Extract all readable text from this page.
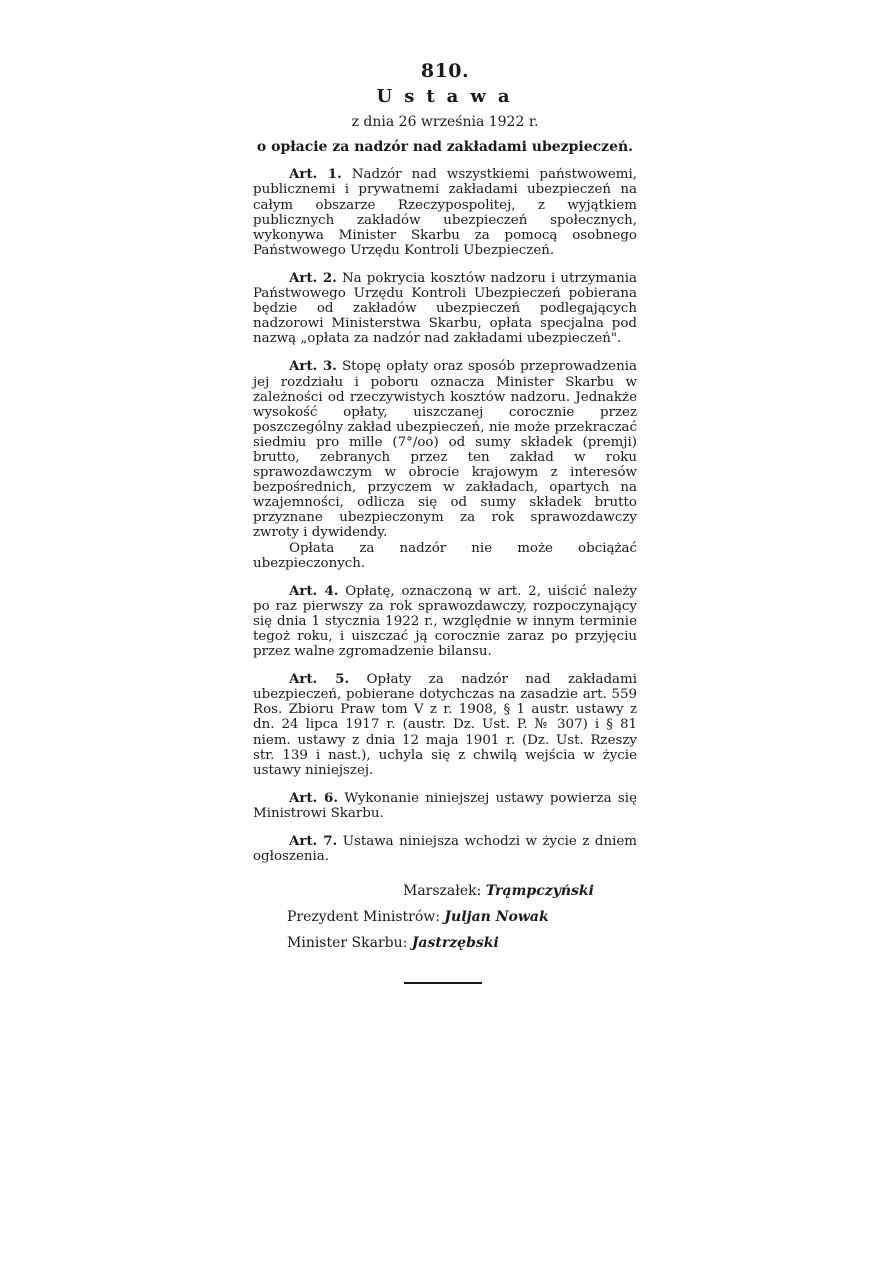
810.
Ustawa
z dnia 26 września 1922 r.
o opłacie za nadzór nad zakładami ubezpieczeń.

Art. 1. Nadzór nad wszystkiemi państwowemi, publicznemi i prywatnemi zakładami ubezpieczeń na całym obszarze Rzeczypospolitej, z wyjątkiem publicznych zakładów ubezpieczeń społecznych, wykonywa Minister Skarbu za pomocą osobnego Państwowego Urzędu Kontroli Ubezpieczeń.

Art. 2. Na pokrycia kosztów nadzoru i utrzymania Państwowego Urzędu Kontroli Ubezpieczeń pobierana będzie od zakładów ubezpieczeń podlegających nadzorowi Ministerstwa Skarbu, opłata specjalna pod nazwą „opłata za nadzór nad zakładami ubezpieczeń".

Art. 3. Stopę opłaty oraz sposób przeprowadzenia jej rozdziału i poboru oznacza Minister Skarbu w zależności od rzeczywistych kosztów nadzoru. Jednakże wysokość opłaty, uiszczanej corocznie przez poszczególny zakład ubezpieczeń, nie może przekraczać siedmiu pro mille (7°/oo) od sumy składek (premji) brutto, zebranych przez ten zakład w roku sprawozdawczym w obrocie krajowym z interesów bezpośrednich, przyczem w zakładach, opartych na wzajemności, odlicza się od sumy składek brutto przyznane ubezpieczonym za rok sprawozdawczy zwroty i dywidendy.

Opłata za nadzór nie może obciążać ubezpieczonych.

Art. 4. Opłatę, oznaczoną w art. 2, uiścić należy po raz pierwszy za rok sprawozdawczy, rozpoczynający się dnia 1 stycznia 1922 r., względnie w innym terminie tegoż roku, i uiszczać ją corocznie zaraz po przyjęciu przez walne zgromadzenie bilansu.

Art. 5. Opłaty za nadzór nad zakładami ubezpieczeń, pobierane dotychczas na zasadzie art. 559 Ros. Zbioru Praw tom V z r. 1908, § 1 austr. ustawy z dn. 24 lipca 1917 r. (austr. Dz. Ust. P. № 307) i § 81 niem. ustawy z dnia 12 maja 1901 r. (Dz. Ust. Rzeszy str. 139 i nast.), uchyla się z chwilą wejścia w życie ustawy niniejszej.

Art. 6. Wykonanie niniejszej ustawy powierza się Ministrowi Skarbu.

Art. 7. Ustawa niniejsza wchodzi w życie z dniem ogłoszenia.

Marszałek: Trąmpczyński
Prezydent Ministrów: Juljan Nowak
Minister Skarbu: Jastrzębski
